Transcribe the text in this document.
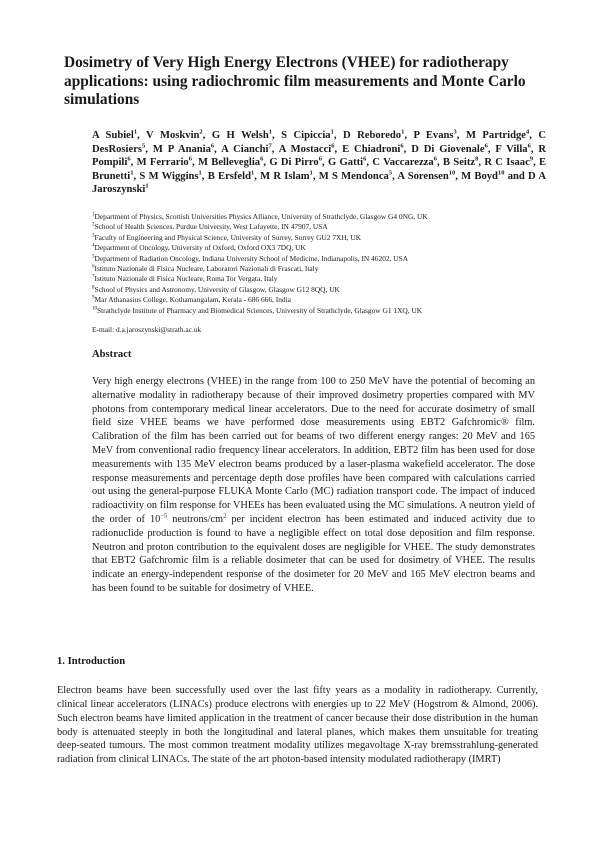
Dosimetry of Very High Energy Electrons (VHEE) for radiotherapy applications: using radiochromic film measurements and Monte Carlo simulations

A Subiel$^1$, V Moskvin$^2$, G H Welsh$^1$, S Cipiccia$^1$, D Reboredo$^1$, P Evans$^3$, M Partridge$^4$, C DesRosiers$^5$, M P Anania$^6$, A Cianchi$^7$, A Mostacci$^6$, E Chiadroni$^6$, D Di Giovenale$^6$, F Villa$^6$, R Pompili$^6$, M Ferrario$^6$, M Belleveglia$^6$, G Di Pirro$^6$, G Gatti$^6$, C Vaccarezza$^6$, B Seitz$^8$, R C Isaac$^9$, E Brunetti$^1$, S M Wiggins$^1$, B Ersfeld$^1$, M R Islam$^1$, M S Mendonca$^5$, A Sorensen$^{10}$, M Boyd$^{10}$ and D A Jaroszynski$^1$

$^1$Department of Physics, Scottish Universities Physics Alliance, University of Strathclyde, Glasgow G4 0NG, UK
$^2$School of Health Sciences, Purdue University, West Lafayette, IN 47907, USA
$^3$Faculty of Engineering and Physical Science, University of Surrey, Surrey GU2 7XH, UK
$^4$Department of Oncology, University of Oxford, Oxford OX3 7DQ, UK
$^5$Department of Radiation Oncology, Indiana University School of Medicine, Indianapolis, IN 46202, USA
$^6$Istituto Nazionale di Fisica Nucleare, Laboratori Nazionali di Frascati, Italy
$^7$Istituto Nazionale di Fisica Nucleare, Roma Tor Vergata, Italy
$^8$School of Physics and Astronomy, University of Glasgow, Glasgow G12 8QQ, UK
$^9$Mar Athanasius College, Kothamangalam, Kerala - 686 666, India
$^{10}$Strathclyde Institute of Pharmacy and Biomedical Sciences, University of Strathclyde, Glasgow G1 1XQ, UK

E-mail: d.a.jaroszynski@strath.ac.uk

Abstract

Very high energy electrons (VHEE) in the range from 100 to 250 MeV have the potential of becoming an alternative modality in radiotherapy because of their improved dosimetry properties compared with MV photons from contemporary medical linear accelerators. Due to the need for accurate dosimetry of small field size VHEE beams we have performed dose measurements using EBT2 Gafchromic® film. Calibration of the film has been carried out for beams of two different energy ranges: 20 MeV and 165 MeV from conventional radio frequency linear accelerators. In addition, EBT2 film has been used for dose measurements with 135 MeV electron beams produced by a laser-plasma wakefield accelerator. The dose response measurements and percentage depth dose profiles have been compared with calculations carried out using the general-purpose FLUKA Monte Carlo (MC) radiation transport code. The impact of induced radioactivity on film response for VHEEs has been evaluated using the MC simulations. A neutron yield of the order of $10^{-5}$ neutrons/$cm^2$ per incident electron has been estimated and induced activity due to radionuclide production is found to have a negligible effect on total dose deposition and film response. Neutron and proton contribution to the equivalent doses are negligible for VHEE. The study demonstrates that EBT2 Gafchromic film is a reliable dosimeter that can be used for dosimetry of VHEE. The results indicate an energy-independent response of the dosimeter for 20 MeV and 165 MeV electron beams and has been found to be suitable for dosimetry of VHEE.

1. Introduction

Electron beams have been successfully used over the last fifty years as a modality in radiotherapy. Currently, clinical linear accelerators (LINACs) produce electrons with energies up to 22 MeV (Hogstrom & Almond, 2006). Such electron beams have limited application in the treatment of cancer because their dose distribution in the human body is attenuated steeply in both the longitudinal and lateral planes, which makes them unsuitable for treating deep-seated tumours. The most common treatment modality utilizes megavoltage X-ray bremsstrahlung-generated radiation from clinical LINACs. The state of the art photon-based intensity modulated radiotherapy (IMRT)
